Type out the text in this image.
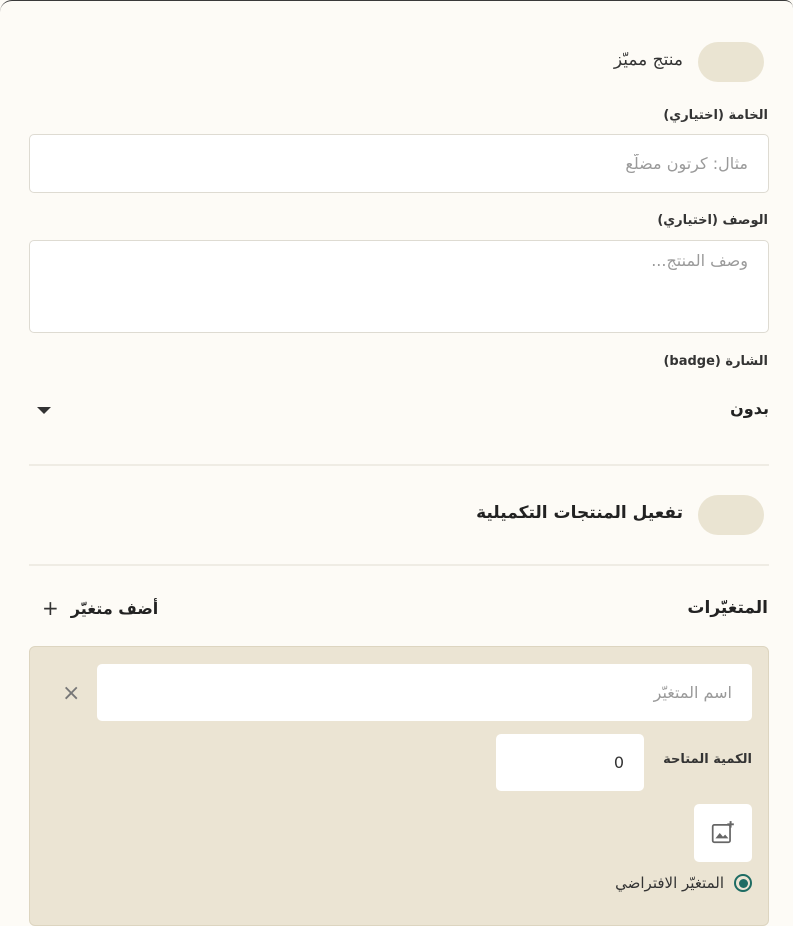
منتج مميّز
الخامة (اختياري)
مثال: كرتون مضلّع
الوصف (اختياري)
وصف المنتج...
الشارة (badge)
بدون
تفعيل المنتجات التكميلية
المتغيّرات
أضف متغيّر
+
×
اسم المتغيّر
الكمية المتاحة
0
المتغيّر الافتراضي
